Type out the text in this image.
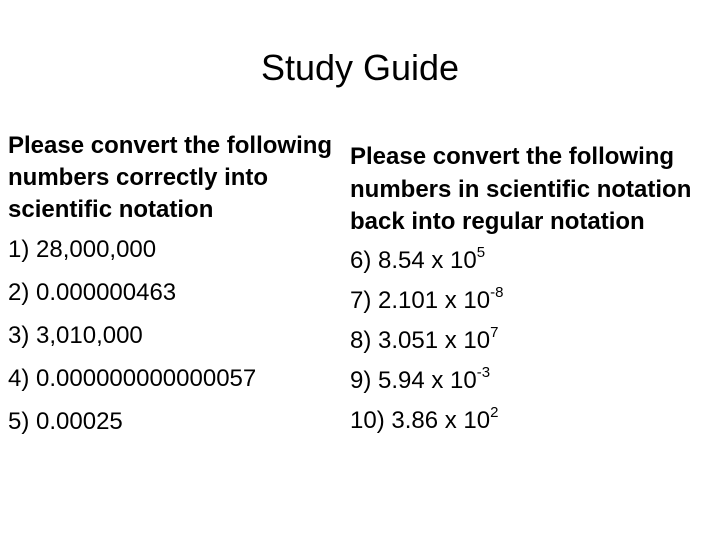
Study Guide
Please convert the following numbers correctly into scientific notation
1) 28,000,000
2) 0.000000463
3) 3,010,000
4) 0.000000000000057
5) 0.00025
Please convert the following numbers in scientific notation back into regular notation
6) 8.54 x $10^5$
7) 2.101 x $10^{-8}$
8) 3.051 x $10^7$
9) 5.94 x $10^{-3}$
10) 3.86 x $10^2$
